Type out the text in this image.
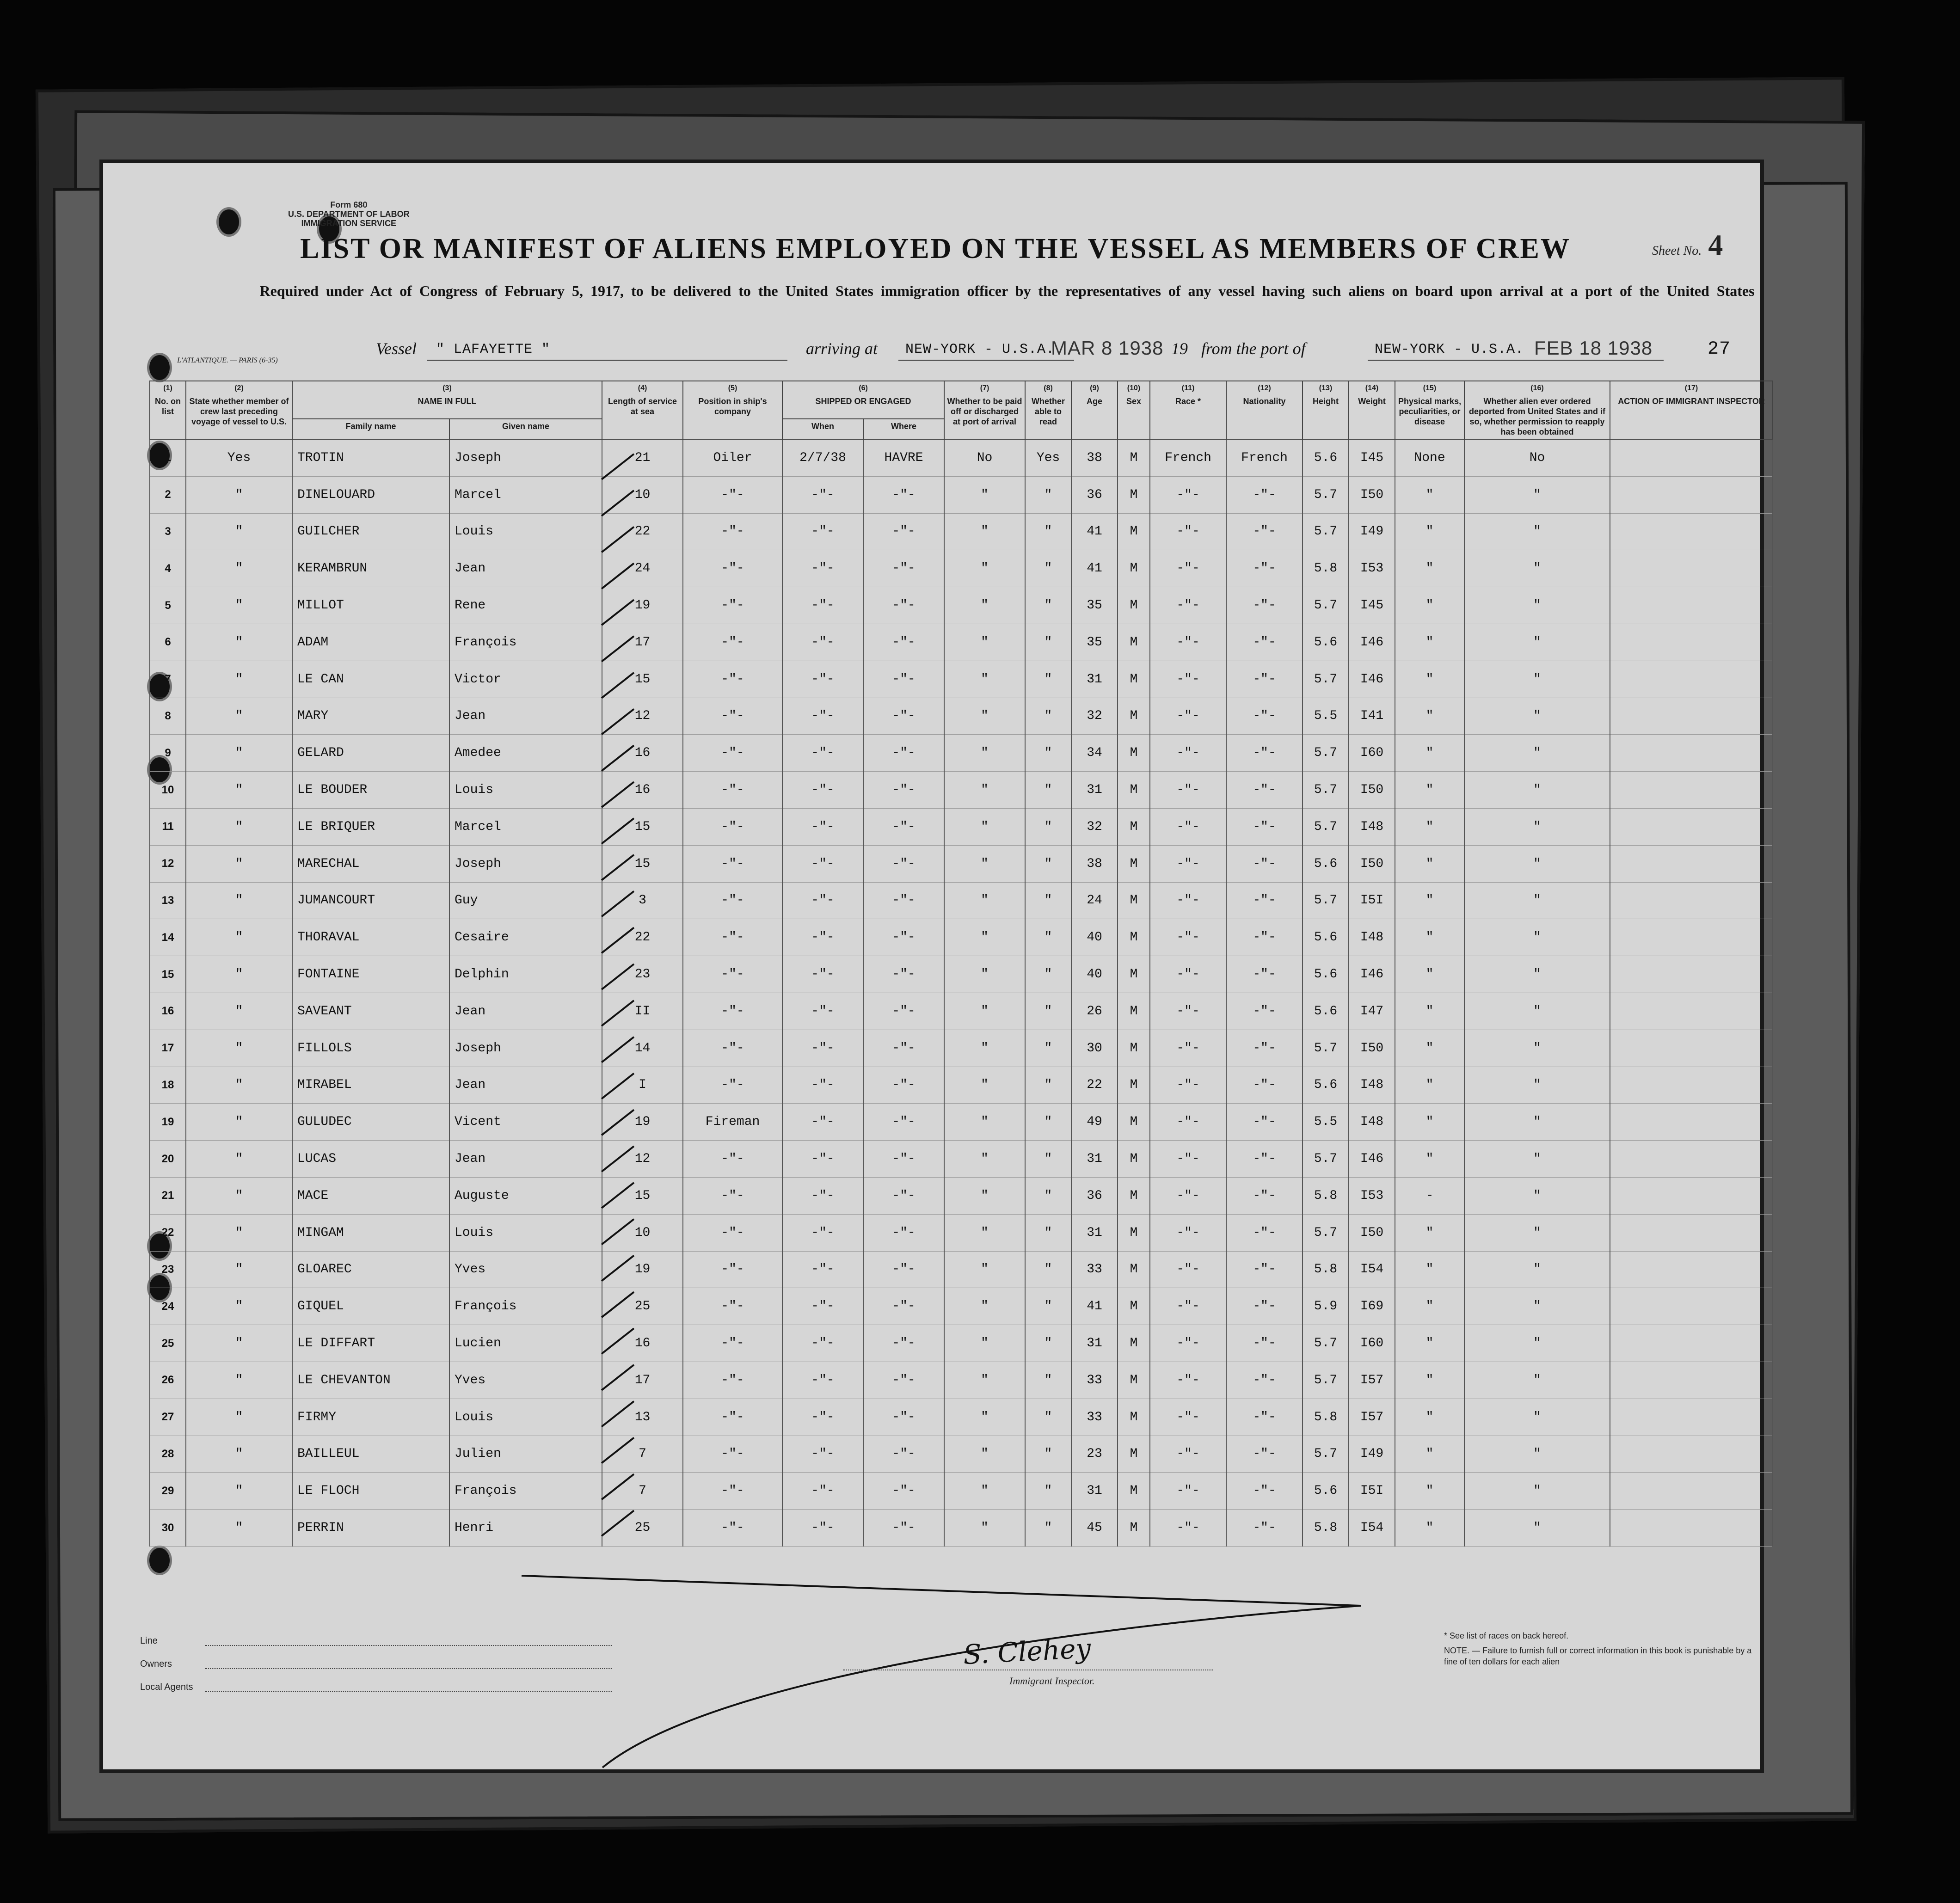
Form 680
U.S. DEPARTMENT OF LABOR
IMMIGRATION SERVICE
Sheet No. 4
LIST OR MANIFEST OF ALIENS EMPLOYED ON THE VESSEL AS MEMBERS OF CREW
Required under Act of Congress of February 5, 1917, to be delivered to the United States immigration officer by the representatives of any vessel having such aliens on board upon arrival at a port of the United States
Vessel " LAFAYETTE "	arriving at NEW-YORK - U.S.A.
MAR 8 1938 19 from the port of	NEW-YORK - U.S.A. FEB 18 1938	27
L'ATLANTIQUE. — PARIS (6-35)
(1)
No. on list	(2)
State whether member of crew last preceding voyage of vessel to U.S.	(3)
NAME IN FULL		(4)
Length of service at sea	(5)
Position in ship's company	(6)
SHIPPED OR ENGAGED		(7)
Whether to be paid off or discharged at port of arrival	(8)
Whether able to read	(9)
Age	(10)
Sex	(11)
Race *	(12)
Nationality	(13)
Height	(14)
Weight	(15)
Physical marks, peculiarities, or disease	(16)
Whether alien ever ordered deported from United States and if so, whether permission to reapply has been obtained	(17)
ACTION OF IMMIGRANT INSPECTOR
		Family name	Given name			When	Where											
1	Yes	TROTIN	Joseph	21	Oiler	2/7/38	HAVRE	No	Yes	38	M	French	French	5.6	I45	None	No	
2	"	DINELOUARD	Marcel	10	-"-	-"-	-"-	"	"	36	M	-"-	-"-	5.7	I50	"	"	
3	"	GUILCHER	Louis	22	-"-	-"-	-"-	"	"	41	M	-"-	-"-	5.7	I49	"	"	
4	"	KERAMBRUN	Jean	24	-"-	-"-	-"-	"	"	41	M	-"-	-"-	5.8	I53	"	"	
5	"	MILLOT	Rene	19	-"-	-"-	-"-	"	"	35	M	-"-	-"-	5.7	I45	"	"	
6	"	ADAM	François	17	-"-	-"-	-"-	"	"	35	M	-"-	-"-	5.6	I46	"	"	
7	"	LE CAN	Victor	15	-"-	-"-	-"-	"	"	31	M	-"-	-"-	5.7	I46	"	"	
8	"	MARY	Jean	12	-"-	-"-	-"-	"	"	32	M	-"-	-"-	5.5	I41	"	"	
9	"	GELARD	Amedee	16	-"-	-"-	-"-	"	"	34	M	-"-	-"-	5.7	I60	"	"	
10	"	LE BOUDER	Louis	16	-"-	-"-	-"-	"	"	31	M	-"-	-"-	5.7	I50	"	"	
11	"	LE BRIQUER	Marcel	15	-"-	-"-	-"-	"	"	32	M	-"-	-"-	5.7	I48	"	"	
12	"	MARECHAL	Joseph	15	-"-	-"-	-"-	"	"	38	M	-"-	-"-	5.6	I50	"	"	
13	"	JUMANCOURT	Guy	3	-"-	-"-	-"-	"	"	24	M	-"-	-"-	5.7	I5I	"	"	
14	"	THORAVAL	Cesaire	22	-"-	-"-	-"-	"	"	40	M	-"-	-"-	5.6	I48	"	"	
15	"	FONTAINE	Delphin	23	-"-	-"-	-"-	"	"	40	M	-"-	-"-	5.6	I46	"	"	
16	"	SAVEANT	Jean	II	-"-	-"-	-"-	"	"	26	M	-"-	-"-	5.6	I47	"	"	
17	"	FILLOLS	Joseph	14	-"-	-"-	-"-	"	"	30	M	-"-	-"-	5.7	I50	"	"	
18	"	MIRABEL	Jean	I	-"-	-"-	-"-	"	"	22	M	-"-	-"-	5.6	I48	"	"	
19	"	GULUDEC	Vicent	19	Fireman	-"-	-"-	"	"	49	M	-"-	-"-	5.5	I48	"	"	
20	"	LUCAS	Jean	12	-"-	-"-	-"-	"	"	31	M	-"-	-"-	5.7	I46	"	"	
21	"	MACE	Auguste	15	-"-	-"-	-"-	"	"	36	M	-"-	-"-	5.8	I53	-	"	
22	"	MINGAM	Louis	10	-"-	-"-	-"-	"	"	31	M	-"-	-"-	5.7	I50	"	"	
23	"	GLOAREC	Yves	19	-"-	-"-	-"-	"	"	33	M	-"-	-"-	5.8	I54	"	"	
24	"	GIQUEL	François	25	-"-	-"-	-"-	"	"	41	M	-"-	-"-	5.9	I69	"	"	
25	"	LE DIFFART	Lucien	16	-"-	-"-	-"-	"	"	31	M	-"-	-"-	5.7	I60	"	"	
26	"	LE CHEVANTON	Yves	17	-"-	-"-	-"-	"	"	33	M	-"-	-"-	5.7	I57	"	"	
27	"	FIRMY	Louis	13	-"-	-"-	-"-	"	"	33	M	-"-	-"-	5.8	I57	"	"	
28	"	BAILLEUL	Julien	7	-"-	-"-	-"-	"	"	23	M	-"-	-"-	5.7	I49	"	"	
29	"	LE FLOCH	François	7	-"-	-"-	-"-	"	"	31	M	-"-	-"-	5.6	I5I	"	"	
30	"	PERRIN	Henri	25	-"-	-"-	-"-	"	"	45	M	-"-	-"-	5.8	I54	"	"	
Line
Owners
Local Agents
S. Clehey
Immigrant Inspector.
* See list of races on back hereof.
NOTE. — Failure to furnish full or correct information in this book is punishable by a fine of ten dollars for each alien
